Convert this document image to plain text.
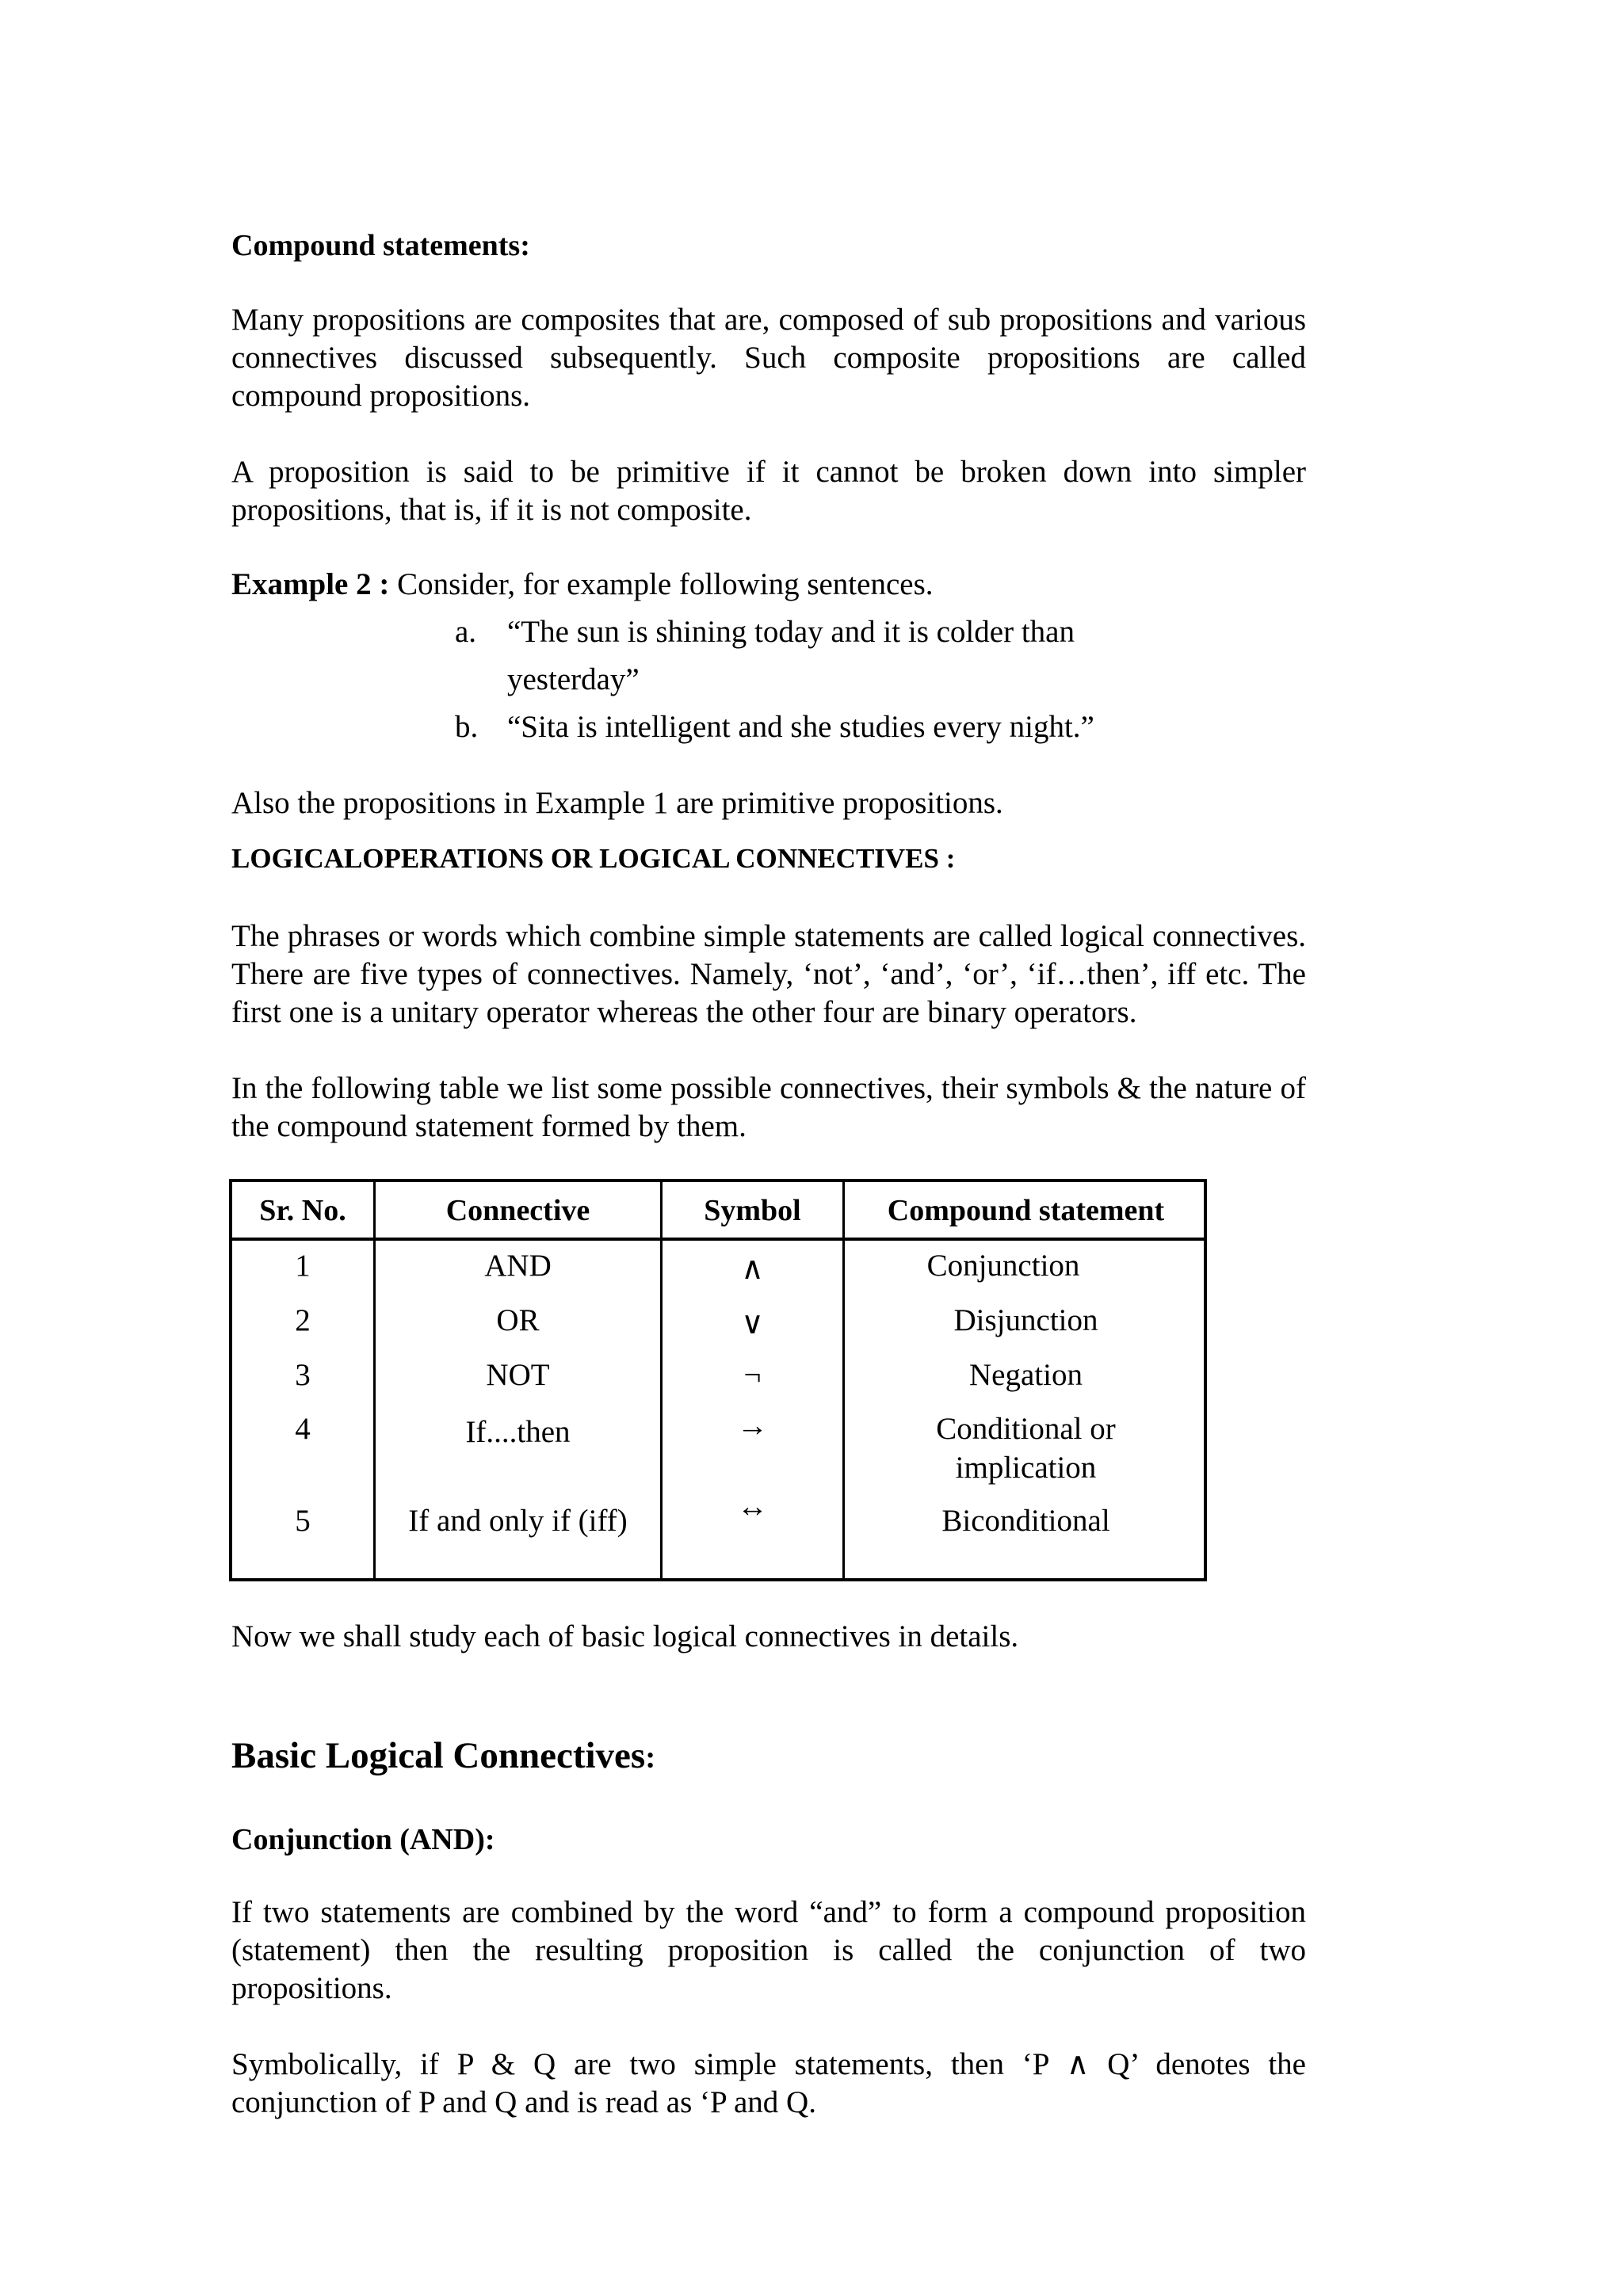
Compound statements:

Many propositions are composites that are, composed of sub propositions and various connectives discussed subsequently. Such composite propositions are called compound propositions.

A proposition is said to be primitive if it cannot be broken down into simpler propositions, that is, if it is not composite.

Example 2 : Consider, for example following sentences.

a. “The sun is shining today and it is colder than
yesterday”
b. “Sita is intelligent and she studies every night.”

Also the propositions in Example 1 are primitive propositions.

LOGICALOPERATIONS OR LOGICAL CONNECTIVES :

The phrases or words which combine simple statements are called logical connectives. There are five types of connectives. Namely, ‘not’, ‘and’, ‘or’, ‘if…then’, iff etc. The first one is a unitary operator whereas the other four are binary operators.

In the following table we list some possible connectives, their symbols & the nature of the compound statement formed by them.

Sr. No.	Connective	Symbol	Compound statement
1	AND	∧	Conjunction
2	OR	∨	Disjunction
3	NOT	¬	Negation
4	If....then	→	Conditional or
implication
5	If and only if (iff)	↔	Biconditional

Now we shall study each of basic logical connectives in details.

Basic Logical Connectives:

Conjunction (AND):

If two statements are combined by the word “and” to form a compound proposition (statement) then the resulting proposition is called the conjunction of two propositions.

Symbolically, if P & Q are two simple statements, then ‘P ∧ Q’ denotes the conjunction of P and Q and is read as ‘P and Q.
